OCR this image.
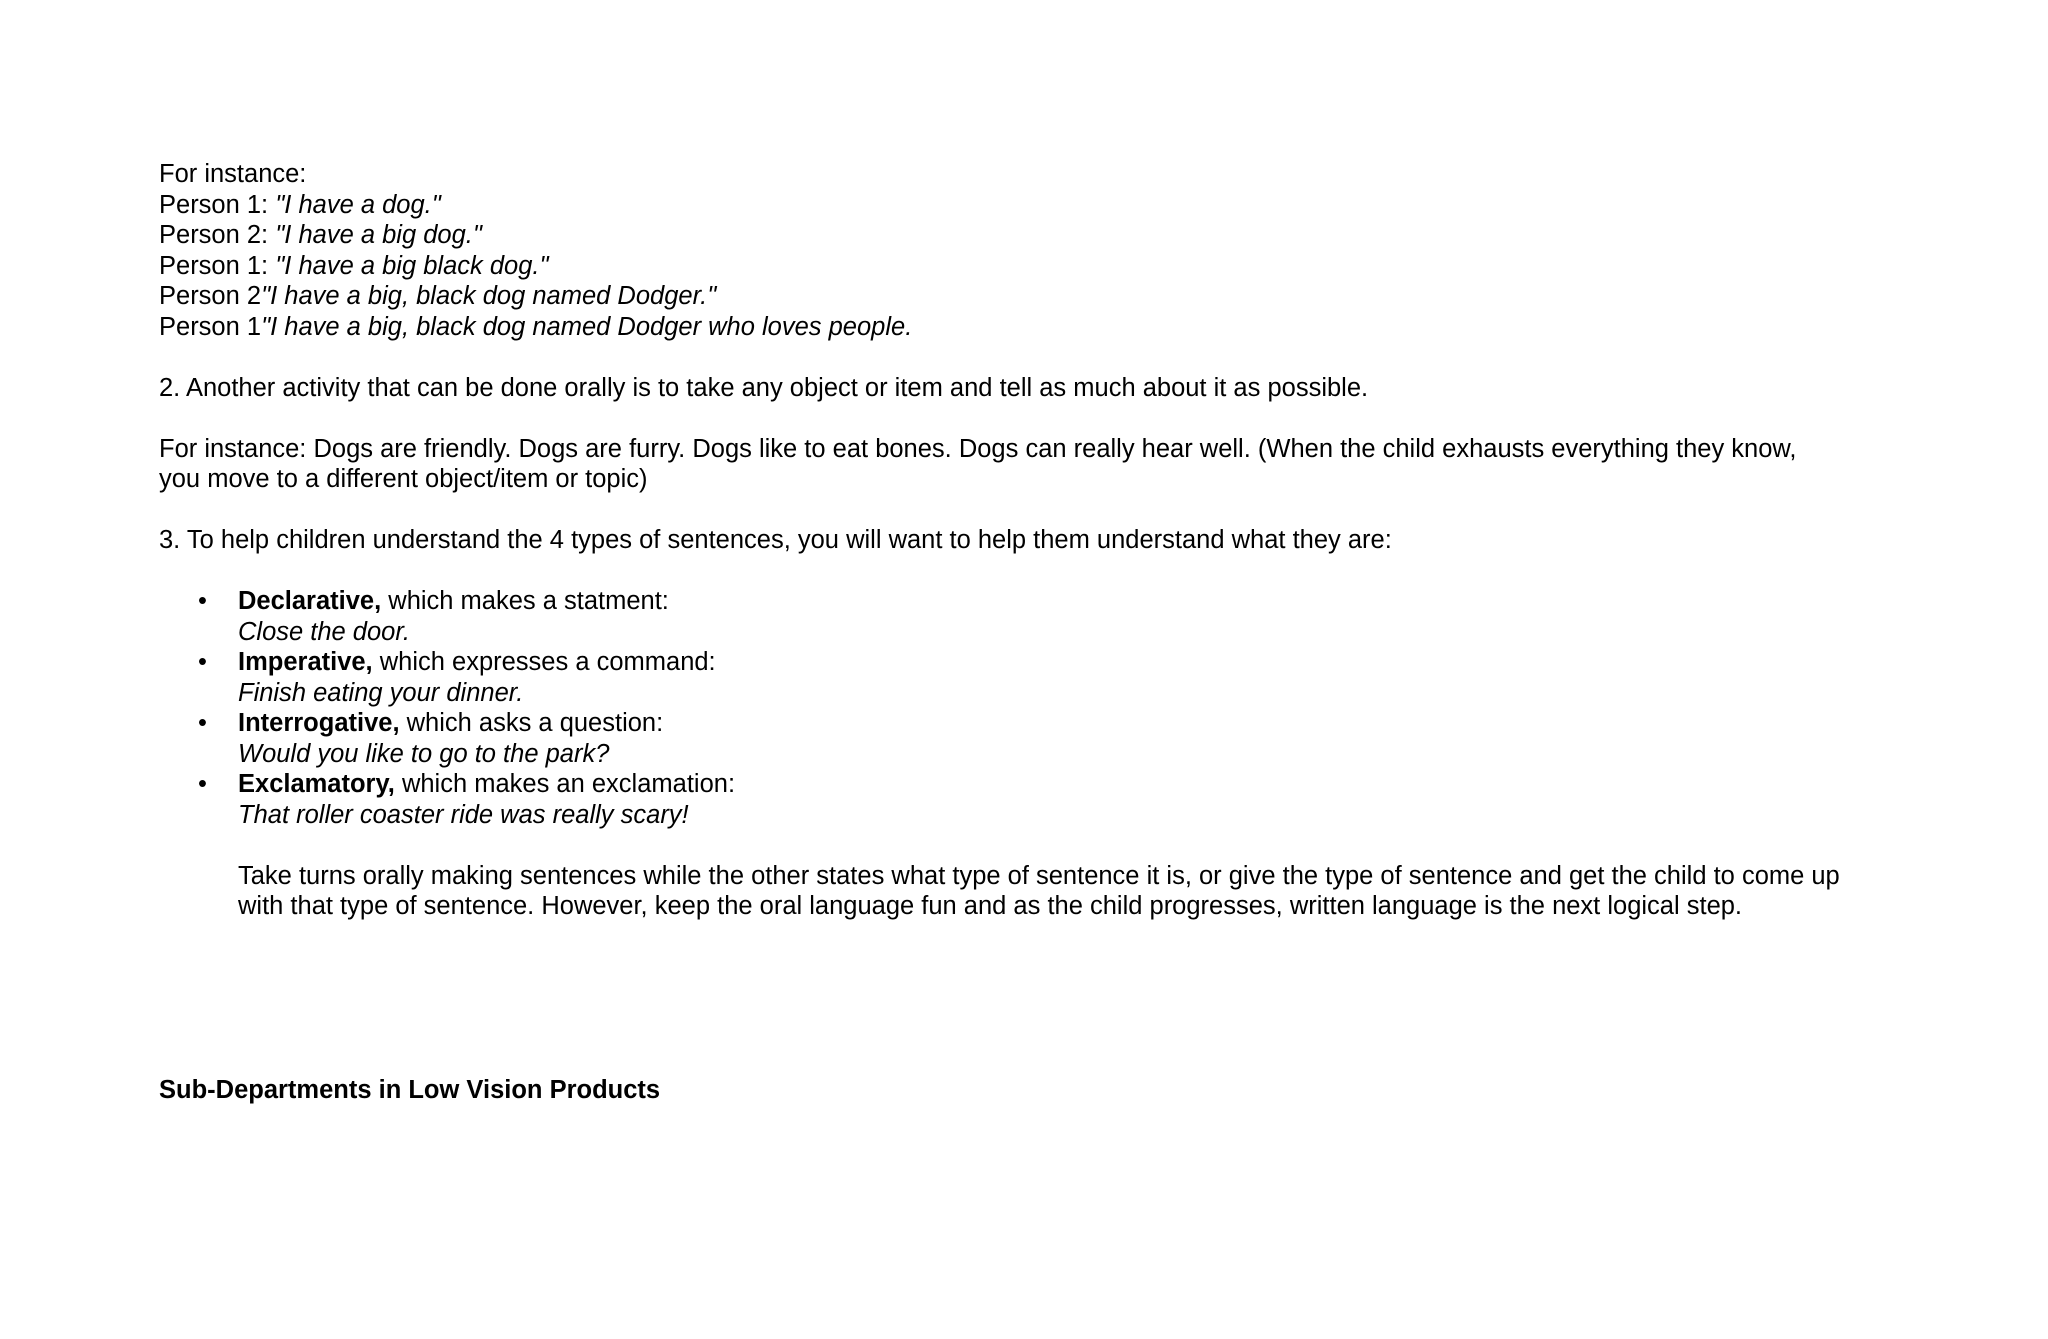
For instance:
Person 1: "I have a dog."
Person 2: "I have a big dog."
Person 1: "I have a big black dog."
Person 2"I have a big, black dog named Dodger."
Person 1"I have a big, black dog named Dodger who loves people.
2. Another activity that can be done orally is to take any object or item and tell as much about it as possible.
For instance: Dogs are friendly. Dogs are furry. Dogs like to eat bones. Dogs can really hear well. (When the child exhausts everything they know,
you move to a different object/item or topic)
3. To help children understand the 4 types of sentences, you will want to help them understand what they are:
• Declarative, which makes a statment:
Close the door.
• Imperative, which expresses a command:
Finish eating your dinner.
• Interrogative, which asks a question:
Would you like to go to the park?
• Exclamatory, which makes an exclamation:
That roller coaster ride was really scary!
Take turns orally making sentences while the other states what type of sentence it is, or give the type of sentence and get the child to come up
with that type of sentence. However, keep the oral language fun and as the child progresses, written language is the next logical step.
Sub-Departments in Low Vision Products
